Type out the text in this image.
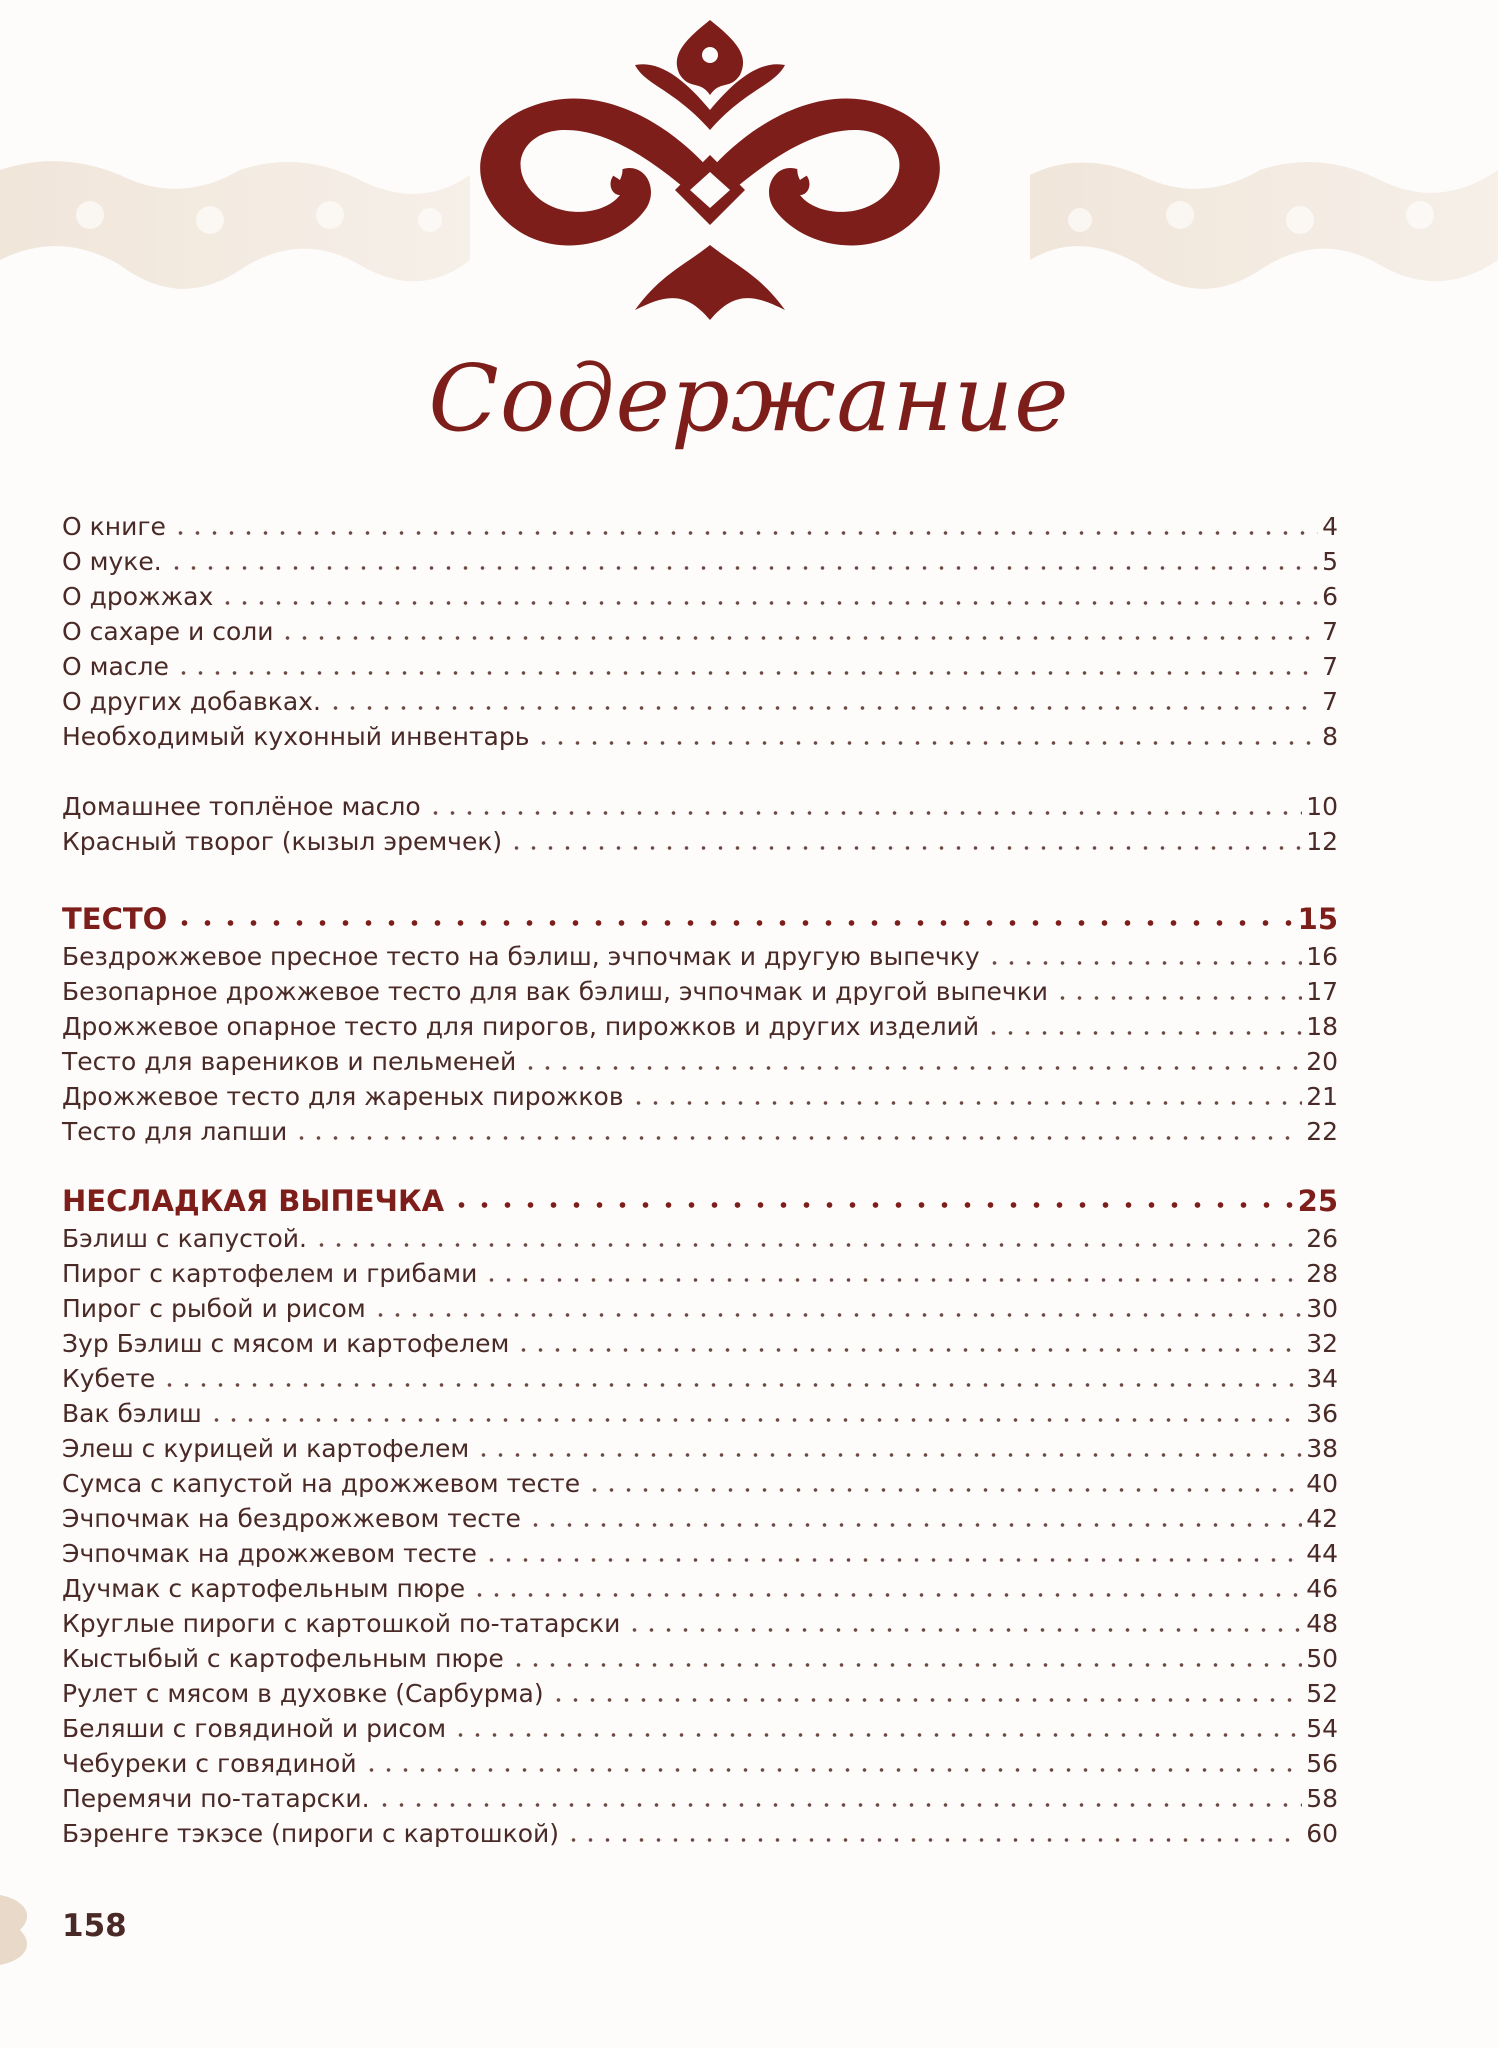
Содержание
О книге	4
О муке.	5
О дрожжах	6
О сахаре и соли	7
О масле	7
О других добавках.	7
Необходимый кухонный инвентарь	8
Домашнее топлёное масло	10
Красный творог (кызыл эремчек)	12
ТЕСТО	15
Бездрожжевое пресное тесто на бэлиш, эчпочмак и другую выпечку	16
Безопарное дрожжевое тесто для вак бэлиш, эчпочмак и другой выпечки	17
Дрожжевое опарное тесто для пирогов, пирожков и других изделий	18
Тесто для вареников и пельменей	20
Дрожжевое тесто для жареных пирожков	21
Тесто для лапши	22
НЕСЛАДКАЯ ВЫПЕЧКА	25
Бэлиш с капустой.	26
Пирог с картофелем и грибами	28
Пирог с рыбой и рисом	30
Зур Бэлиш с мясом и картофелем	32
Кубете	34
Вак бэлиш	36
Элеш с курицей и картофелем	38
Сумса с капустой на дрожжевом тесте	40
Эчпочмак на бездрожжевом тесте	42
Эчпочмак на дрожжевом тесте	44
Дучмак с картофельным пюре	46
Круглые пироги с картошкой по-татарски	48
Кыстыбый с картофельным пюре	50
Рулет с мясом в духовке (Сарбурма)	52
Беляши с говядиной и рисом	54
Чебуреки с говядиной	56
Перемячи по-татарски.	58
Бэренге тэкэсе (пироги с картошкой)	60
158
